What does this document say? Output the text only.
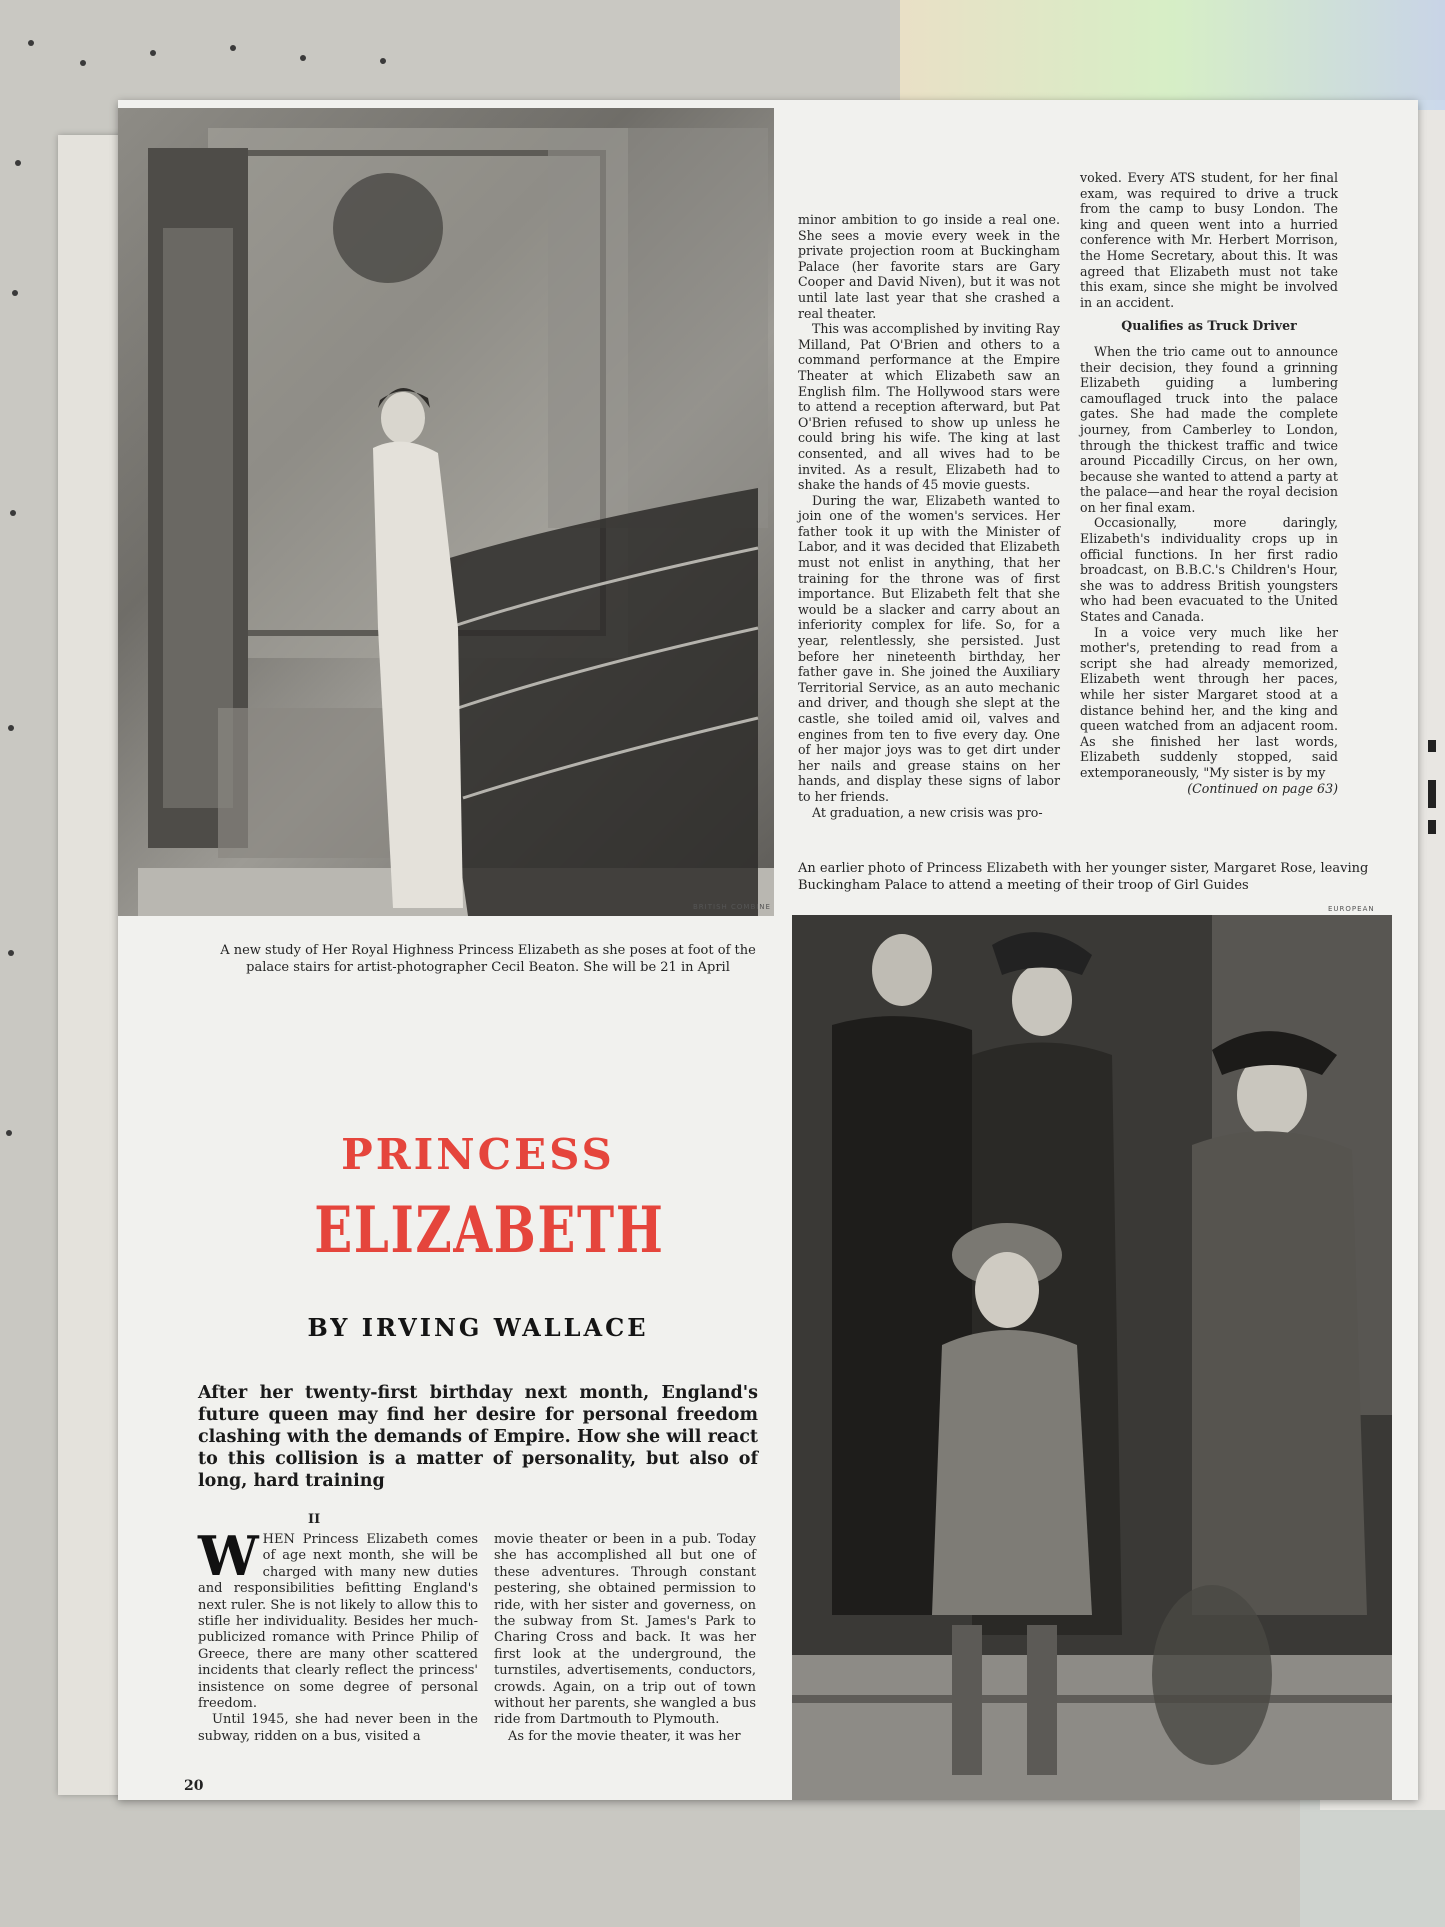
BRITISH COMBINE
A new study of Her Royal Highness Princess Elizabeth as she poses at foot of the palace stairs for artist-photographer Cecil Beaton. She will be 21 in April
PRINCESS
ELIZABETH
BY IRVING WALLACE
After her twenty-first birthday next month, England's future queen may find her desire for personal freedom clashing with the demands of Empire. How she will react to this collision is a matter of personality, but also of long, hard training
II

WHEN Princess Elizabeth comes of age next month, she will be charged with many new duties and responsibilities befitting England's next ruler. She is not likely to allow this to stifle her individuality. Besides her much-publicized romance with Prince Philip of Greece, there are many other scattered incidents that clearly reflect the princess' insistence on some degree of personal freedom.

Until 1945, she had never been in the subway, ridden on a bus, visited a

movie theater or been in a pub. Today she has accomplished all but one of these adventures. Through constant pestering, she obtained permission to ride, with her sister and governess, on the subway from St. James's Park to Charing Cross and back. It was her first look at the underground, the turnstiles, advertisements, conductors, crowds. Again, on a trip out of town without her parents, she wangled a bus ride from Dartmouth to Plymouth.

As for the movie theater, it was her

20

minor ambition to go inside a real one. She sees a movie every week in the private projection room at Buckingham Palace (her favorite stars are Gary Cooper and David Niven), but it was not until late last year that she crashed a real theater.

This was accomplished by inviting Ray Milland, Pat O'Brien and others to a command performance at the Empire Theater at which Elizabeth saw an English film. The Hollywood stars were to attend a reception afterward, but Pat O'Brien refused to show up unless he could bring his wife. The king at last consented, and all wives had to be invited. As a result, Elizabeth had to shake the hands of 45 movie guests.

During the war, Elizabeth wanted to join one of the women's services. Her father took it up with the Minister of Labor, and it was decided that Elizabeth must not enlist in anything, that her training for the throne was of first importance. But Elizabeth felt that she would be a slacker and carry about an inferiority complex for life. So, for a year, relentlessly, she persisted. Just before her nineteenth birthday, her father gave in. She joined the Auxiliary Territorial Service, as an auto mechanic and driver, and though she slept at the castle, she toiled amid oil, valves and engines from ten to five every day. One of her major joys was to get dirt under her nails and grease stains on her hands, and display these signs of labor to her friends.

At graduation, a new crisis was pro-

voked. Every ATS student, for her final exam, was required to drive a truck from the camp to busy London. The king and queen went into a hurried conference with Mr. Herbert Morrison, the Home Secretary, about this. It was agreed that Elizabeth must not take this exam, since she might be involved in an accident.

Qualifies as Truck Driver

When the trio came out to announce their decision, they found a grinning Elizabeth guiding a lumbering camouflaged truck into the palace gates. She had made the complete journey, from Camberley to London, through the thickest traffic and twice around Piccadilly Circus, on her own, because she wanted to attend a party at the palace—and hear the royal decision on her final exam.

Occasionally, more daringly, Elizabeth's individuality crops up in official functions. In her first radio broadcast, on B.B.C.'s Children's Hour, she was to address British youngsters who had been evacuated to the United States and Canada.

In a voice very much like her mother's, pretending to read from a script she had already memorized, Elizabeth went through her paces, while her sister Margaret stood at a distance behind her, and the king and queen watched from an adjacent room. As she finished her last words, Elizabeth suddenly stopped, said extemporaneously, "My sister is by my

(Continued on page 63)
An earlier photo of Princess Elizabeth with her younger sister, Margaret Rose, leaving Buckingham Palace to attend a meeting of their troop of Girl Guides
EUROPEAN
